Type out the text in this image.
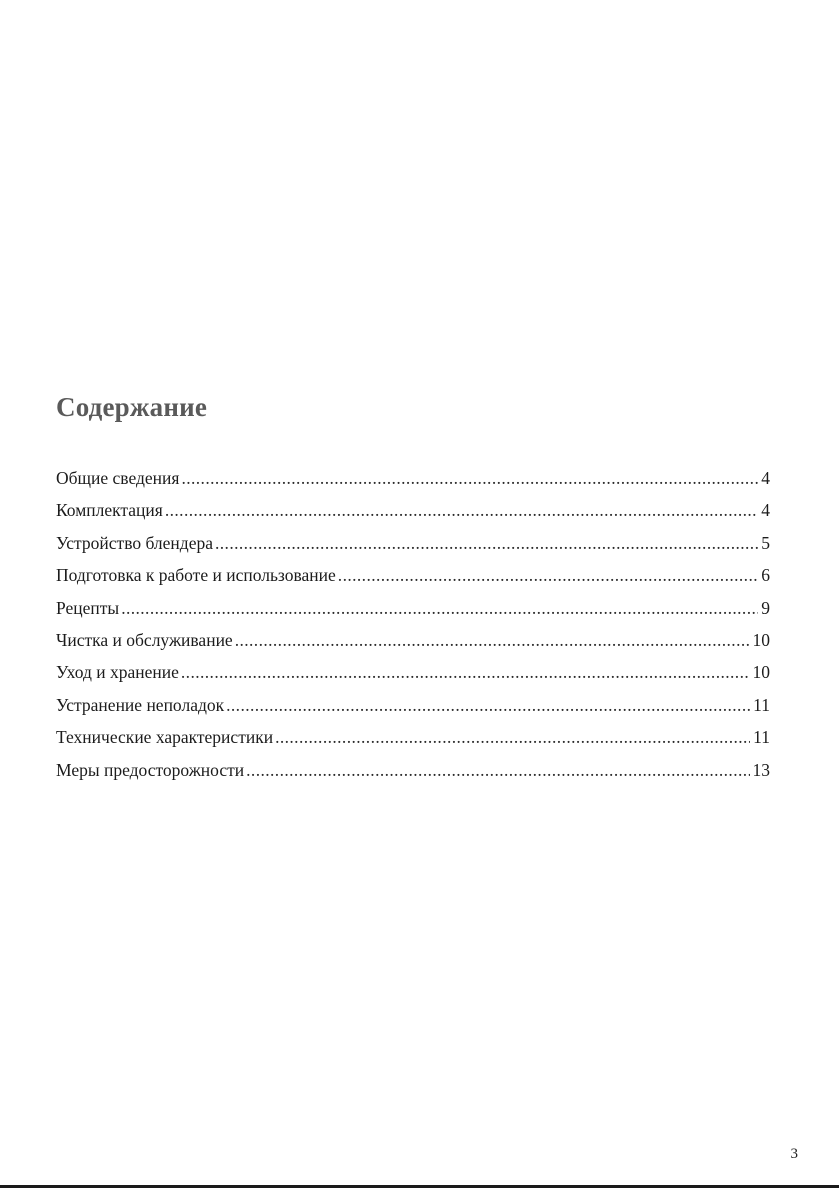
Содержание
Общие сведения .....	4
Комплектация .....	4
Устройство блендера .....	5
Подготовка к работе и использование .....	6
Рецепты .....	9
Чистка и обслуживание .....	10
Уход и хранение .....	10
Устранение неполадок .....	11
Технические характеристики .....	11
Меры предосторожности .....	13
3
